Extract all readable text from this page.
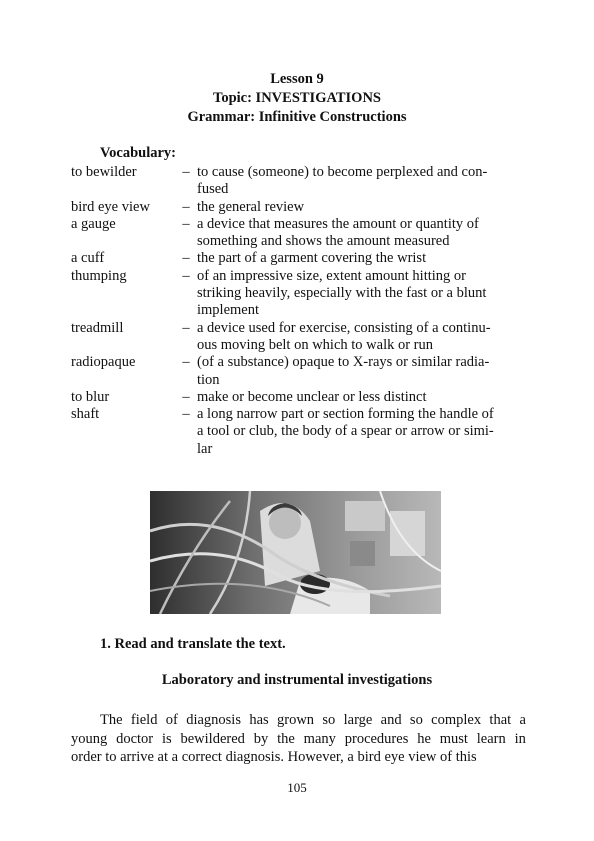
Lesson 9
Topic: INVESTIGATIONS
Grammar: Infinitive Constructions
Vocabulary:
to bewilder	– to cause (someone) to become perplexed and con-
fused
bird eye view	– the general review
a gauge	– a device that measures the amount or quantity of
something and shows the amount measured
a cuff	– the part of a garment covering the wrist
thumping	– of an impressive size, extent amount hitting or
striking heavily, especially with the fast or a blunt
implement
treadmill	– a device used for exercise, consisting of a continu-
ous moving belt on which to walk or run
radiopaque	– (of a substance) opaque to X-rays or similar radia-
tion
to blur	– make or become unclear or less distinct
shaft	– a long narrow part or section forming the handle of
a tool or club, the body of a spear or arrow or simi-
lar
1. Read and translate the text.
Laboratory and instrumental investigations
The field of diagnosis has grown so large and so complex that a
young doctor is bewildered by the many procedures he must learn in
order to arrive at a correct diagnosis. However, a bird eye view of this
105
